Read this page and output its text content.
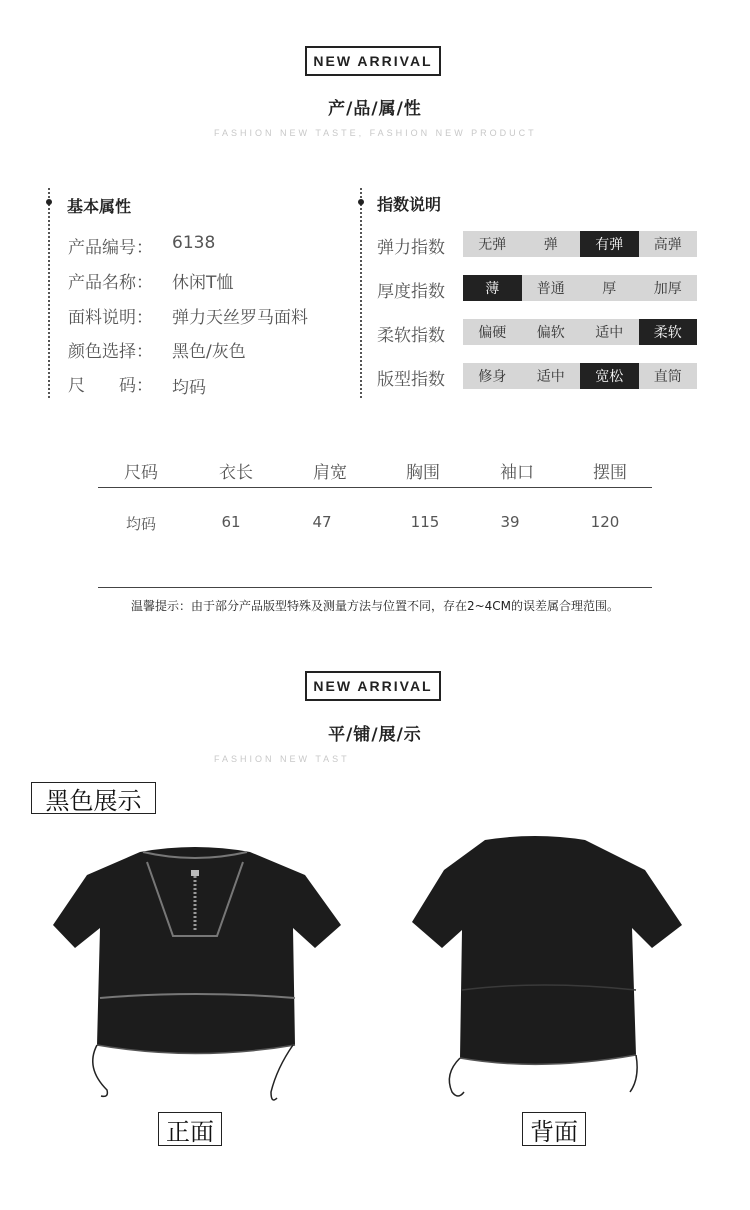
NEW ARRIVAL
产/品/属/性
FASHION NEW TASTE, FASHION NEW PRODUCT
基本属性
产品编号： 6138
产品名称： 休闲T恤
面料说明： 弹力天丝罗马面料
颜色选择： 黑色/灰色
尺　　码： 均码
指数说明
弹力指数	无弹	弹	有弹	高弹
厚度指数	薄	普通	厚	加厚
柔软指数	偏硬	偏软	适中	柔软
版型指数	修身	适中	宽松	直筒
尺码	衣长	肩宽	胸围	袖口	摆围
均码	61	47	115	39	120
温馨提示：由于部分产品版型特殊及测量方法与位置不同，存在2~4CM的误差属合理范围。
NEW ARRIVAL
平/铺/展/示
FASHION NEW TAST
黑色展示
正面	背面
